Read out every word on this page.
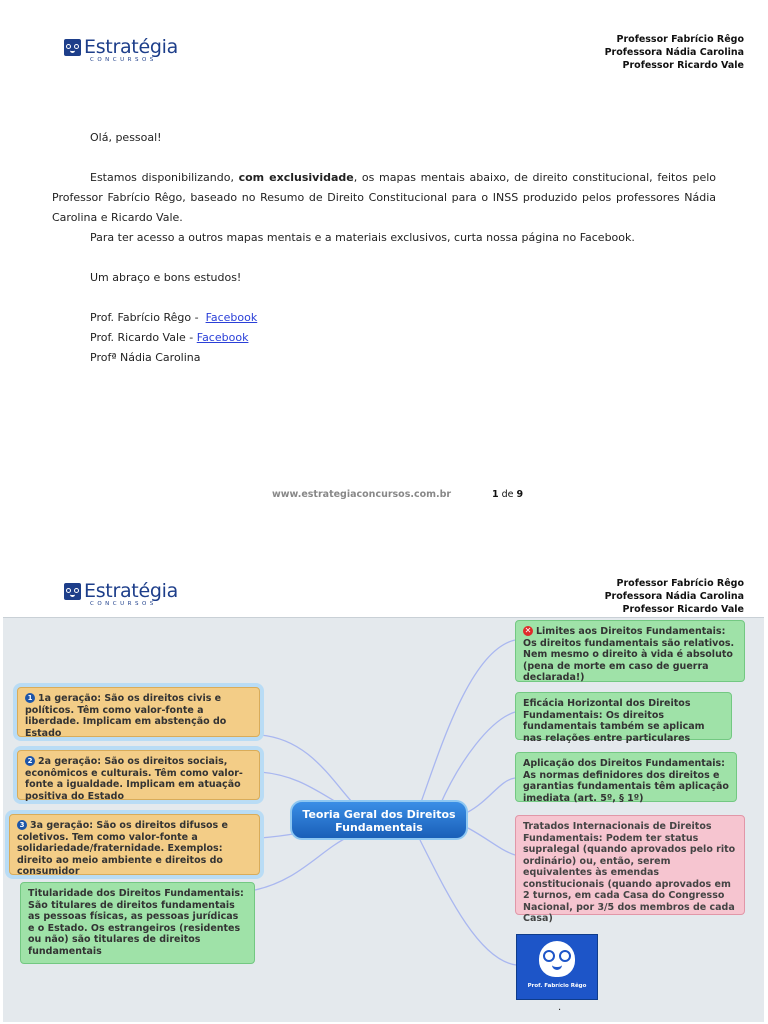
Estratégia
CONCURSOS
Professor Fabrício Rêgo
Professora Nádia Carolina
Professor Ricardo Vale

Olá, pessoal!

Estamos disponibilizando, com exclusividade, os mapas mentais abaixo, de direito constitucional, feitos pelo Professor Fabrício Rêgo, baseado no Resumo de Direito Constitucional para o INSS produzido pelos professores Nádia Carolina e Ricardo Vale.

Para ter acesso a outros mapas mentais e a materiais exclusivos, curta nossa página no Facebook.

Um abraço e bons estudos!

Prof. Fabrício Rêgo -  Facebook

Prof. Ricardo Vale - Facebook

Profª Nádia Carolina

www.estrategiaconcursos.com.br	1 de 9
Estratégia
CONCURSOS
Professor Fabrício Rêgo
Professora Nádia Carolina
Professor Ricardo Vale
1 1a geração: São os direitos civis e políticos. Têm como valor-fonte a liberdade. Implicam em abstenção do Estado
2 2a geração: São os direitos sociais, econômicos e culturais. Têm como valor-fonte a igualdade. Implicam em atuação positiva do Estado
3 3a geração: São os direitos difusos e coletivos. Tem como valor-fonte a solidariedade/fraternidade. Exemplos: direito ao meio ambiente e direitos do consumidor
Titularidade dos Direitos Fundamentais: São titulares de direitos fundamentais as pessoas físicas, as pessoas jurídicas e o Estado. Os estrangeiros (residentes ou não) são titulares de direitos fundamentais
Teoria Geral dos Direitos Fundamentais
✕ Limites aos Direitos Fundamentais: Os direitos fundamentais são relativos. Nem mesmo o direito à vida é absoluto (pena de morte em caso de guerra declarada!)
Eficácia Horizontal dos Direitos Fundamentais: Os direitos fundamentais também se aplicam nas relações entre particulares
Aplicação dos Direitos Fundamentais: As normas definidores dos direitos e garantias fundamentais têm aplicação imediata (art. 5º, § 1º)
Tratados Internacionais de Direitos Fundamentais: Podem ter status supralegal (quando aprovados pelo rito ordinário) ou, então, serem equivalentes às emendas constitucionais (quando aprovados em 2 turnos, em cada Casa do Congresso Nacional, por 3/5 dos membros de cada Casa)
Prof. Fabrício Rêgo
.
